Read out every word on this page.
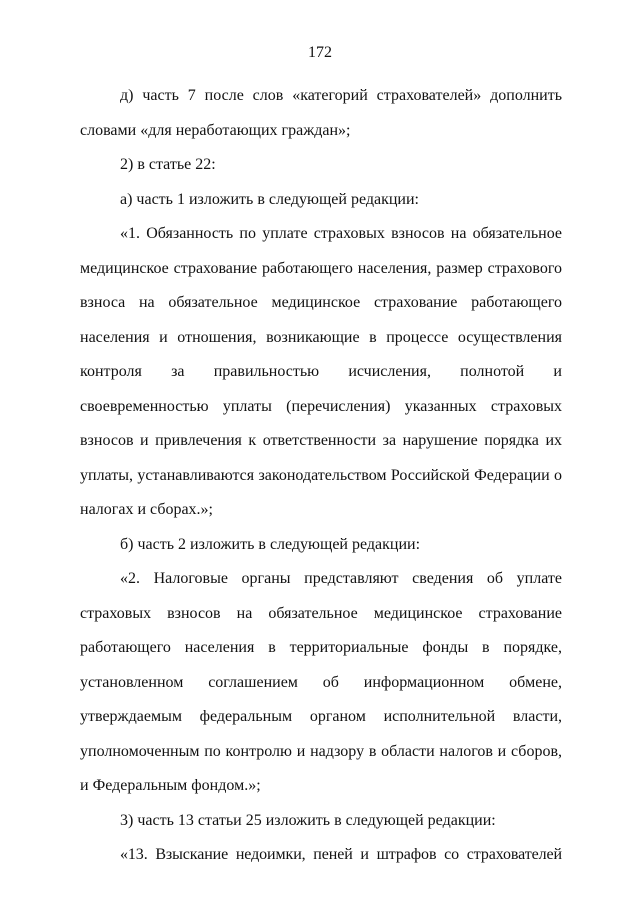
172

д) часть 7 после слов «категорий страхователей» дополнить словами «для неработающих граждан»;

2) в статье 22:

а) часть 1 изложить в следующей редакции:

«1. Обязанность по уплате страховых взносов на обязательное медицинское страхование работающего населения, размер страхового взноса на обязательное медицинское страхование работающего населения и отношения, возникающие в процессе осуществления контроля за правильностью исчисления, полнотой и своевременностью уплаты (перечисления) указанных страховых взносов и привлечения к ответственности за нарушение порядка их уплаты, устанавливаются законодательством Российской Федерации о налогах и сборах.»;

б) часть 2 изложить в следующей редакции:

«2. Налоговые органы представляют сведения об уплате страховых взносов на обязательное медицинское страхование работающего населения в территориальные фонды в порядке, установленном соглашением об информационном обмене, утверждаемым федеральным органом исполнительной власти, уполномоченным по контролю и надзору в области налогов и сборов, и Федеральным фондом.»;

3) часть 13 статьи 25 изложить в следующей редакции:

«13. Взыскание недоимки, пеней и штрафов со страхователей
